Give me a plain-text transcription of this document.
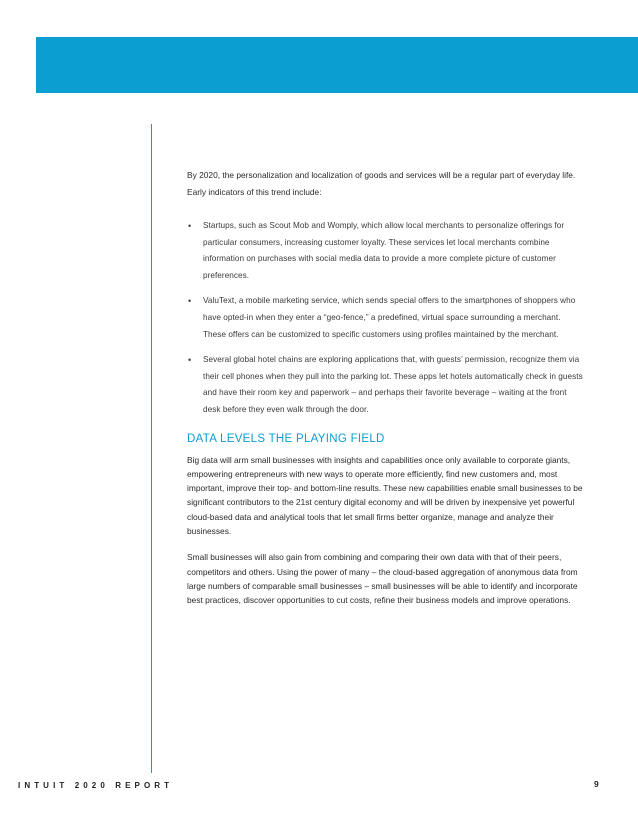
By 2020, the personalization and localization of goods and services will be a regular part of everyday life. Early indicators of this trend include:

• Startups, such as Scout Mob and Womply, which allow local merchants to personalize offerings for particular consumers, increasing customer loyalty. These services let local merchants combine information on purchases with social media data to provide a more complete picture of customer preferences.
• ValuText, a mobile marketing service, which sends special offers to the smartphones of shoppers who have opted-in when they enter a “geo-fence,” a predefined, virtual space surrounding a merchant. These offers can be customized to specific customers using profiles maintained by the merchant.
• Several global hotel chains are exploring applications that, with guests’ permission, recognize them via their cell phones when they pull into the parking lot. These apps let hotels automatically check in guests and have their room key and paperwork – and perhaps their favorite beverage – waiting at the front desk before they even walk through the door.
DATA LEVELS THE PLAYING FIELD

Big data will arm small businesses with insights and capabilities once only available to corporate giants, empowering entrepreneurs with new ways to operate more efficiently, find new customers and, most important, improve their top- and bottom-line results. These new capabilities enable small businesses to be significant contributors to the 21st century digital economy and will be driven by inexpensive yet powerful cloud-based data and analytical tools that let small firms better organize, manage and analyze their businesses.

Small businesses will also gain from combining and comparing their own data with that of their peers, competitors and others. Using the power of many – the cloud-based aggregation of anonymous data from large numbers of comparable small businesses – small businesses will be able to identify and incorporate best practices, discover opportunities to cut costs, refine their business models and improve operations.

INTUIT 2020 REPORT	9
